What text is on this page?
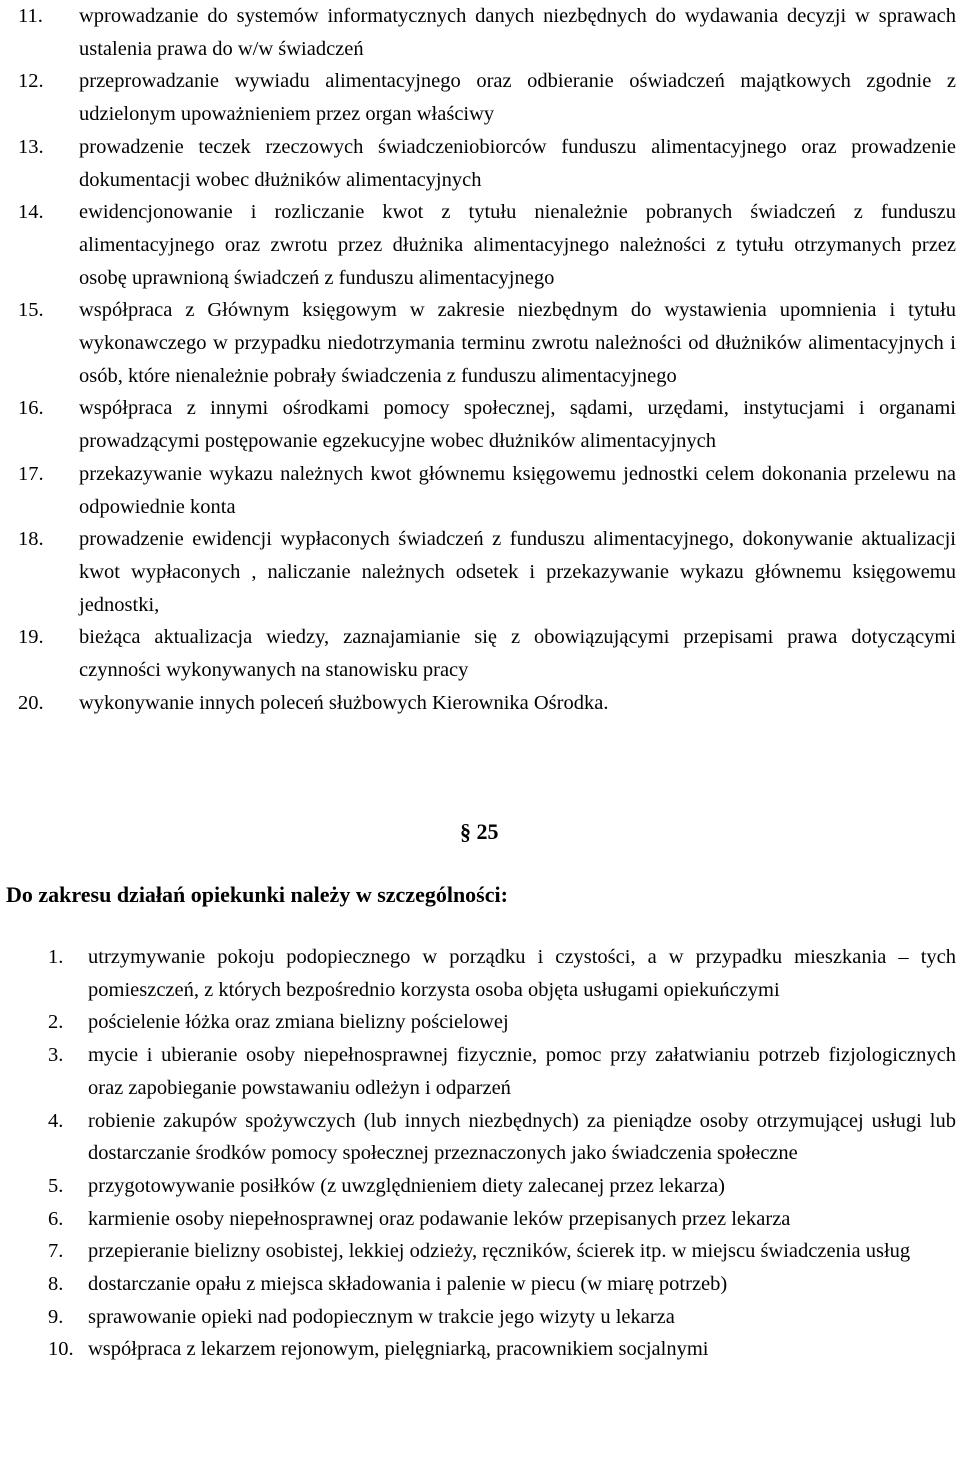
11. wprowadzanie do systemów informatycznych danych niezbędnych do wydawania decyzji w sprawach ustalenia prawa do w/w świadczeń
12. przeprowadzanie wywiadu alimentacyjnego oraz odbieranie oświadczeń majątkowych zgodnie z udzielonym upoważnieniem przez organ właściwy
13. prowadzenie teczek rzeczowych świadczeniobiorców funduszu alimentacyjnego oraz prowadzenie dokumentacji wobec dłużników alimentacyjnych
14. ewidencjonowanie i rozliczanie kwot z tytułu nienależnie pobranych świadczeń z funduszu alimentacyjnego oraz zwrotu przez dłużnika alimentacyjnego należności z tytułu otrzymanych przez osobę uprawnioną świadczeń z funduszu alimentacyjnego
15. współpraca z Głównym księgowym w zakresie niezbędnym do wystawienia upomnienia i tytułu wykonawczego w przypadku niedotrzymania terminu zwrotu należności od dłużników alimentacyjnych i osób, które nienależnie pobrały świadczenia z funduszu alimentacyjnego
16. współpraca z innymi ośrodkami pomocy społecznej, sądami, urzędami, instytucjami i organami prowadzącymi postępowanie egzekucyjne wobec dłużników alimentacyjnych
17. przekazywanie wykazu należnych kwot głównemu księgowemu jednostki celem dokonania przelewu na odpowiednie konta
18. prowadzenie ewidencji wypłaconych świadczeń z funduszu alimentacyjnego, dokonywanie aktualizacji kwot wypłaconych , naliczanie należnych odsetek i przekazywanie wykazu głównemu księgowemu jednostki,
19. bieżąca aktualizacja wiedzy, zaznajamianie się z obowiązującymi przepisami prawa dotyczącymi czynności wykonywanych na stanowisku pracy
20. wykonywanie innych poleceń służbowych Kierownika Ośrodka.
§ 25
Do zakresu działań opiekunki należy w szczególności:
1. utrzymywanie pokoju podopiecznego w porządku i czystości, a w przypadku mieszkania – tych pomieszczeń, z których bezpośrednio korzysta osoba objęta usługami opiekuńczymi
2. pościelenie łóżka oraz zmiana bielizny pościelowej
3. mycie i ubieranie osoby niepełnosprawnej fizycznie, pomoc przy załatwianiu potrzeb fizjologicznych oraz zapobieganie powstawaniu odleżyn i odparzeń
4. robienie zakupów spożywczych (lub innych niezbędnych) za pieniądze osoby otrzymującej usługi lub dostarczanie środków pomocy społecznej przeznaczonych jako świadczenia społeczne
5. przygotowywanie posiłków (z uwzględnieniem diety zalecanej przez lekarza)
6. karmienie osoby niepełnosprawnej oraz podawanie leków przepisanych przez lekarza
7. przepieranie bielizny osobistej, lekkiej odzieży, ręczników, ścierek itp. w miejscu świadczenia usług
8. dostarczanie opału z miejsca składowania i palenie w piecu (w miarę potrzeb)
9. sprawowanie opieki nad podopiecznym w trakcie jego wizyty u lekarza
10. współpraca z lekarzem rejonowym, pielęgniarką, pracownikiem socjalnymi
